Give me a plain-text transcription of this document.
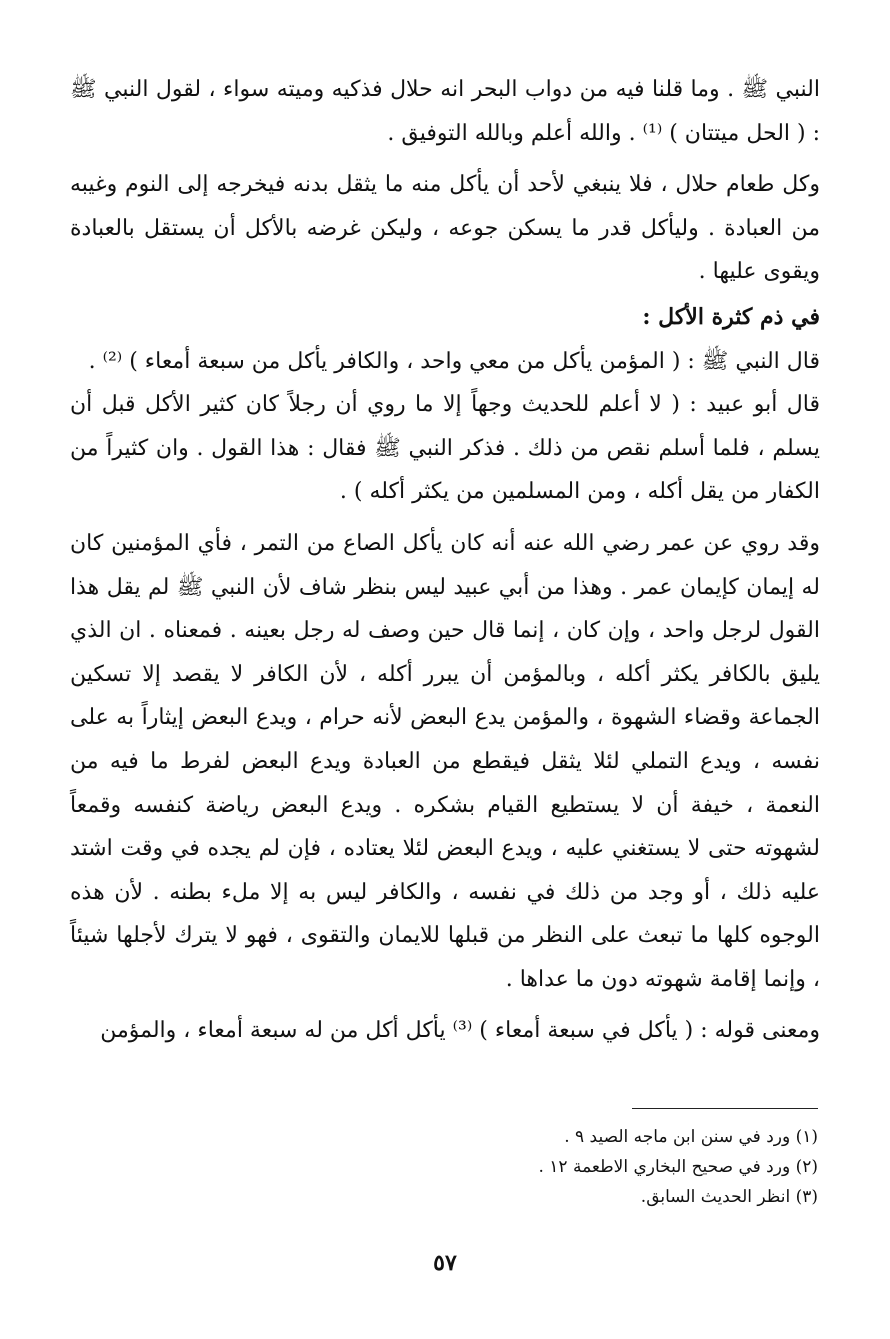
النبي ﷺ . وما قلنا فيه من دواب البحر انه حلال فذكيه وميته سواء ، لقول النبي ﷺ : ( الحل ميتتان ) ⁽¹⁾ . والله أعلم وبالله التوفيق .

وكل طعام حلال ، فلا ينبغي لأحد أن يأكل منه ما يثقل بدنه فيخرجه إلى النوم وغيبه من العبادة . وليأكل قدر ما يسكن جوعه ، وليكن غرضه بالأكل أن يستقل بالعبادة ويقوى عليها .

في ذم كثرة الأكل :

قال النبي ﷺ : ( المؤمن يأكل من معي واحد ، والكافر يأكل من سبعة أمعاء ) ⁽²⁾ .

قال أبو عبيد : ( لا أعلم للحديث وجهاً إلا ما روي أن رجلاً كان كثير الأكل قبل أن يسلم ، فلما أسلم نقص من ذلك . فذكر النبي ﷺ فقال : هذا القول . وان كثيراً من الكفار من يقل أكله ، ومن المسلمين من يكثر أكله ) .

وقد روي عن عمر رضي الله عنه أنه كان يأكل الصاع من التمر ، فأي المؤمنين كان له إيمان كإيمان عمر . وهذا من أبي عبيد ليس بنظر شاف لأن النبي ﷺ لم يقل هذا القول لرجل واحد ، وإن كان ، إنما قال حين وصف له رجل بعينه . فمعناه . ان الذي يليق بالكافر يكثر أكله ، وبالمؤمن أن يبرر أكله ، لأن الكافر لا يقصد إلا تسكين الجماعة وقضاء الشهوة ، والمؤمن يدع البعض لأنه حرام ، ويدع البعض إيثاراً به على نفسه ، ويدع التملي لئلا يثقل فيقطع من العبادة ويدع البعض لفرط ما فيه من النعمة ، خيفة أن لا يستطيع القيام بشكره . ويدع البعض رياضة كنفسه وقمعاً لشهوته حتى لا يستغني عليه ، ويدع البعض لئلا يعتاده ، فإن لم يجده في وقت اشتد عليه ذلك ، أو وجد من ذلك في نفسه ، والكافر ليس به إلا ملء بطنه . لأن هذه الوجوه كلها ما تبعث على النظر من قبلها للايمان والتقوى ، فهو لا يترك لأجلها شيئاً ، وإنما إقامة شهوته دون ما عداها .

ومعنى قوله : ( يأكل في سبعة أمعاء ) ⁽³⁾ يأكل أكل من له سبعة أمعاء ، والمؤمن

(١) ورد في سنن ابن ماجه الصيد ٩ .
(٢) ورد في صحيح البخاري الاطعمة ١٢ .
(٣) انظر الحديث السابق.
٥٧
